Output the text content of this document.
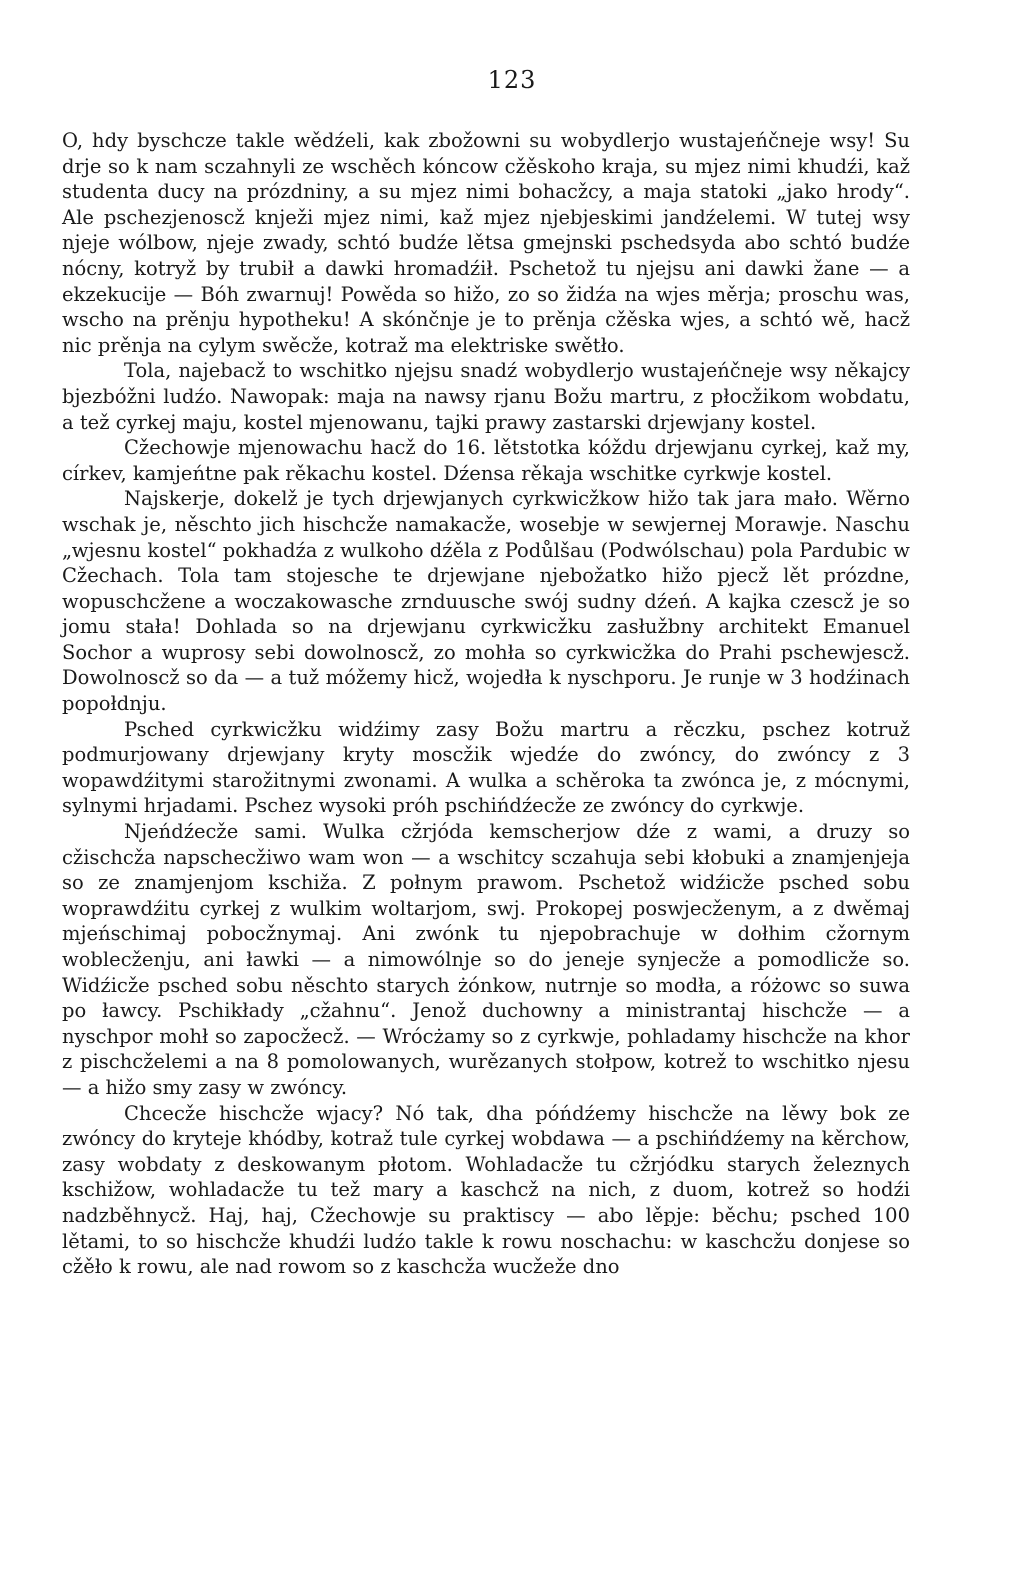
123

O, hdy byschcze takle wědźeli, kak zbožowni su wobydlerjo wustajeńčneje wsy! Su drje so k nam sczahnyli ze wschěch kóncow cžěskoho kraja, su mjez nimi khudźi, kaž studenta ducy na prózdniny, a su mjez nimi bohacžcy, a maja statoki „jako hrody“. Ale pschezjenoscž knježi mjez nimi, kaž mjez njebjeskimi jandźelemi. W tutej wsy njeje wólbow, njeje zwady, schtó budźe lětsa gmejnski pschedsyda abo schtó budźe nócny, kotryž by trubił a dawki hromadźił. Pschetož tu njejsu ani dawki žane — a ekzekucije — Bóh zwarnuj! Powěda so hižo, zo so židźa na wjes měrja; proschu was, wscho na prěnju hypotheku! A skónčnje je to prěnja cžěska wjes, a schtó wě, hacž nic prěnja na cylym swěcže, kotraž ma elektriske swětło.

Tola, najebacž to wschitko njejsu snadź wobydlerjo wustajeńčneje wsy někajcy bjezbóžni ludźo. Nawopak: maja na nawsy rjanu Božu martru, z płocžikom wobdatu, a tež cyrkej maju, kostel mjenowanu, tajki prawy zastarski drjewjany kostel.

Cžechowje mjenowachu hacž do 16. lětstotka kóždu drjewjanu cyrkej, kaž my, církev, kamjeńtne pak rěkachu kostel. Dźensa rěkaja wschitke cyrkwje kostel.

Najskerje, dokelž je tych drjewjanych cyrkwicžkow hižo tak jara mało. Wěrno wschak je, něschto jich hischcže namakacže, wosebje w sewjernej Morawje. Naschu „wjesnu kostel“ pokhadźa z wulkoho dźěla z Podůlšau (Podwólschau) pola Pardubic w Cžechach. Tola tam stojesche te drjewjane njebožatko hižo pjecž lět prózdne, wopuschcžene a woczakowasche zrnduusche swój sudny dźeń. A kajka czescž je so jomu stała! Dohlada so na drjewjanu cyrkwicžku zasłužbny architekt Emanuel Sochor a wuprosy sebi dowolnoscž, zo mohła so cyrkwicžka do Prahi pschewjescž. Dowolnoscž so da — a tuž móžemy hicž, wojedła k nyschporu. Je runje w 3 hodźinach popołdnju.

Psched cyrkwicžku widźimy zasy Božu martru a rěczku, pschez kotruž podmurjowany drjewjany kryty moscžik wjedźe do zwóncy, do zwóncy z 3 wopawdźitymi starožitnymi zwonami. A wulka a schěroka ta zwónca je, z mócnymi, sylnymi hrjadami. Pschez wysoki próh pschińdźecže ze zwóncy do cyrkwje.

Njeńdźecže sami. Wulka cžrjóda kemscherjow dźe z wami, a druzy so cžischcža napschecžiwo wam won — a wschitcy sczahuja sebi kłobuki a znamjenjeja so ze znamjenjom kschiža. Z połnym prawom. Pschetož widźicže psched sobu woprawdźitu cyrkej z wulkim woltarjom, swj. Prokopej poswjecženym, a z dwěmaj mjeńschimaj pobocžnymaj. Ani zwónk tu njepobrachuje w dołhim cžornym woblecženju, ani ławki — a nimowólnje so do jeneje synjecže a pomodlicže so. Widźicže psched sobu něschto starych żónkow, nutrnje so modła, a różowc so suwa po ławcy. Pschikłady „cžahnu“. Jenož duchowny a ministrantaj hischcže — a nyschpor mohł so zapocžecž. — Wrócżamy so z cyrkwje, pohladamy hischcže na khor z pischcželemi a na 8 pomolowanych, wurězanych stołpow, kotrež to wschitko njesu — a hižo smy zasy w zwóncy.

Chcecže hischcže wjacy? Nó tak, dha póńdźemy hischcže na lěwy bok ze zwóncy do kryteje khódby, kotraž tule cyrkej wobdawa — a pschińdźemy na kěrchow, zasy wobdaty z deskowanym płotom. Wohladacže tu cžrjódku starych železnych kschižow, wohladacže tu tež mary a kaschcž na nich, z duom, kotrež so hodźi nadzběhnycž. Haj, haj, Cžechowje su praktiscy — abo lěpje: běchu; psched 100 lětami, to so hischcže khudźi ludźo takle k rowu noschachu: w kaschcžu donjese so cžěło k rowu, ale nad rowom so z kaschcža wucžeže dno
